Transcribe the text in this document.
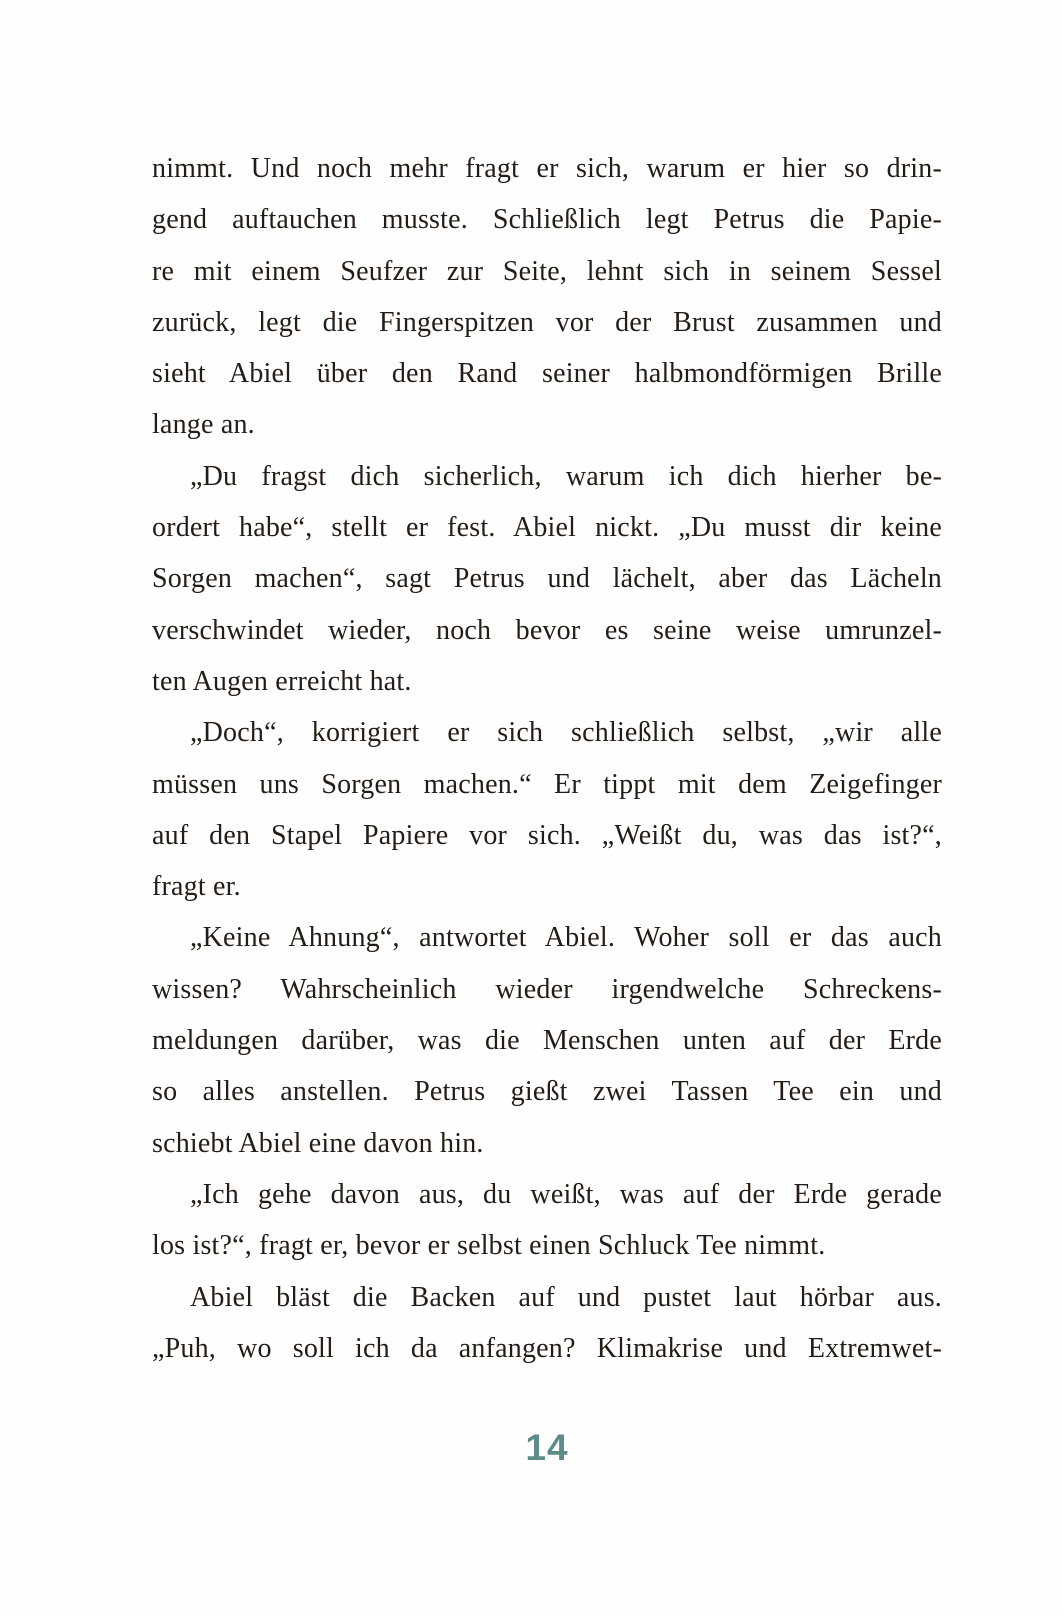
nimmt. Und noch mehr fragt er sich, warum er hier so drin-
gend auftauchen musste. Schließlich legt Petrus die Papie-
re mit einem Seufzer zur Seite, lehnt sich in seinem Sessel
zurück, legt die Fingerspitzen vor der Brust zusammen und
sieht Abiel über den Rand seiner halbmondförmigen Brille
lange an.
„Du fragst dich sicherlich, warum ich dich hierher be-
ordert habe“, stellt er fest. Abiel nickt. „Du musst dir keine
Sorgen machen“, sagt Petrus und lächelt, aber das Lächeln
verschwindet wieder, noch bevor es seine weise umrunzel-
ten Augen erreicht hat.
„Doch“, korrigiert er sich schließlich selbst, „wir alle
müssen uns Sorgen machen.“ Er tippt mit dem Zeigefinger
auf den Stapel Papiere vor sich. „Weißt du, was das ist?“,
fragt er.
„Keine Ahnung“, antwortet Abiel. Woher soll er das auch
wissen? Wahrscheinlich wieder irgendwelche Schreckens-
meldungen darüber, was die Menschen unten auf der Erde
so alles anstellen. Petrus gießt zwei Tassen Tee ein und
schiebt Abiel eine davon hin.
„Ich gehe davon aus, du weißt, was auf der Erde gerade
los ist?“, fragt er, bevor er selbst einen Schluck Tee nimmt.
Abiel bläst die Backen auf und pustet laut hörbar aus.
„Puh, wo soll ich da anfangen? Klimakrise und Extremwet-
14
